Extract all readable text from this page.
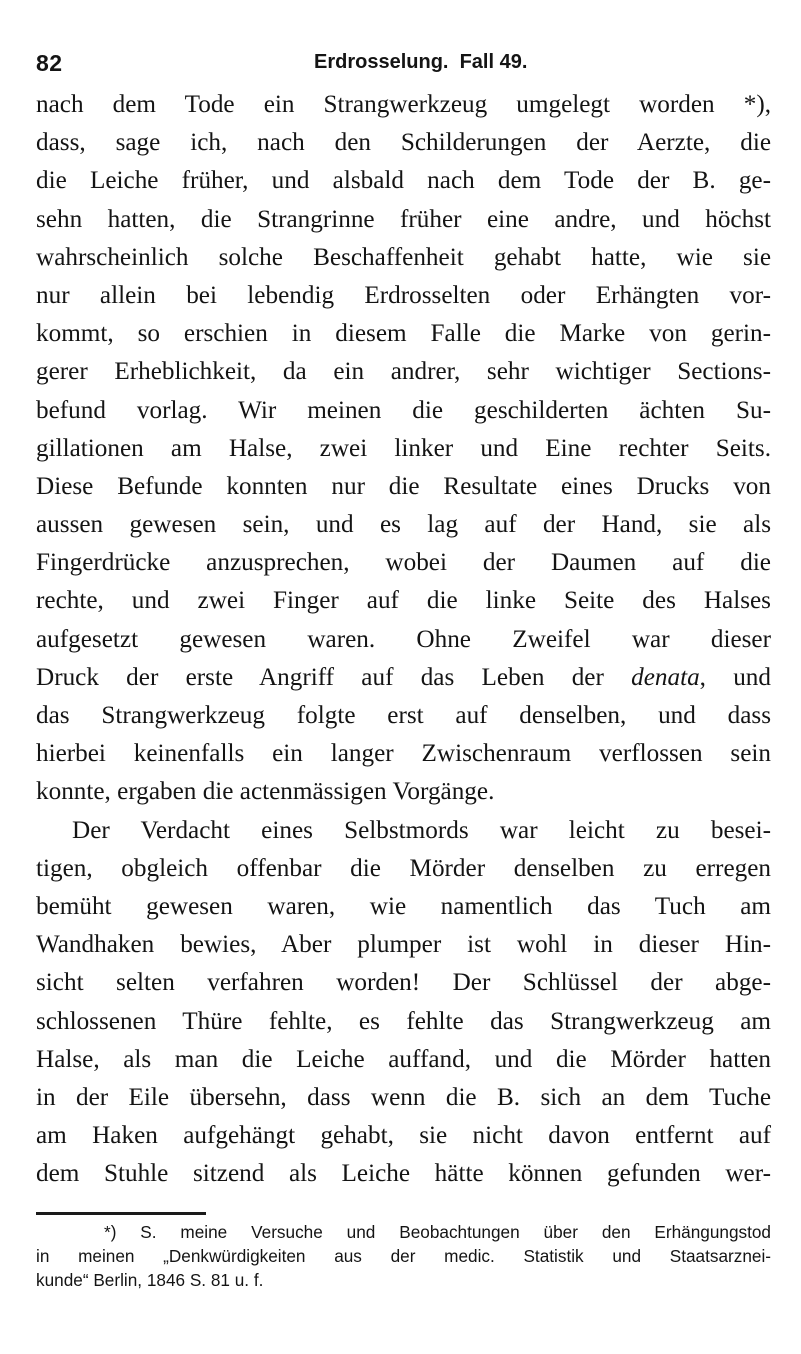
82	Erdrosselung.  Fall 49.
nach dem Tode ein Strangwerkzeug umgelegt worden *),
dass, sage ich, nach den Schilderungen der Aerzte, die
die Leiche früher, und alsbald nach dem Tode der B. ge-
sehn hatten, die Strangrinne früher eine andre, und höchst
wahrscheinlich solche Beschaffenheit gehabt hatte, wie sie
nur allein bei lebendig Erdrosselten oder Erhängten vor-
kommt, so erschien in diesem Falle die Marke von gerin-
gerer Erheblichkeit, da ein andrer, sehr wichtiger Sections-
befund vorlag. Wir meinen die geschilderten ächten Su-
gillationen am Halse, zwei linker und Eine rechter Seits.
Diese Befunde konnten nur die Resultate eines Drucks von
aussen gewesen sein, und es lag auf der Hand, sie als
Fingerdrücke anzusprechen, wobei der Daumen auf die
rechte, und zwei Finger auf die linke Seite des Halses
aufgesetzt gewesen waren. Ohne Zweifel war dieser
Druck der erste Angriff auf das Leben der denata, und
das Strangwerkzeug folgte erst auf denselben, und dass
hierbei keinenfalls ein langer Zwischenraum verflossen sein
konnte, ergaben die actenmässigen Vorgänge.
Der Verdacht eines Selbstmords war leicht zu besei-
tigen, obgleich offenbar die Mörder denselben zu erregen
bemüht gewesen waren, wie namentlich das Tuch am
Wandhaken bewies, Aber plumper ist wohl in dieser Hin-
sicht selten verfahren worden! Der Schlüssel der abge-
schlossenen Thüre fehlte, es fehlte das Strangwerkzeug am
Halse, als man die Leiche auffand, und die Mörder hatten
in der Eile übersehn, dass wenn die B. sich an dem Tuche
am Haken aufgehängt gehabt, sie nicht davon entfernt auf
dem Stuhle sitzend als Leiche hätte können gefunden wer-
*) S. meine Versuche und Beobachtungen über den Erhängungstod
in meinen „Denkwürdigkeiten aus der medic. Statistik und Staatsarznei-
kunde“ Berlin, 1846 S. 81 u. f.
